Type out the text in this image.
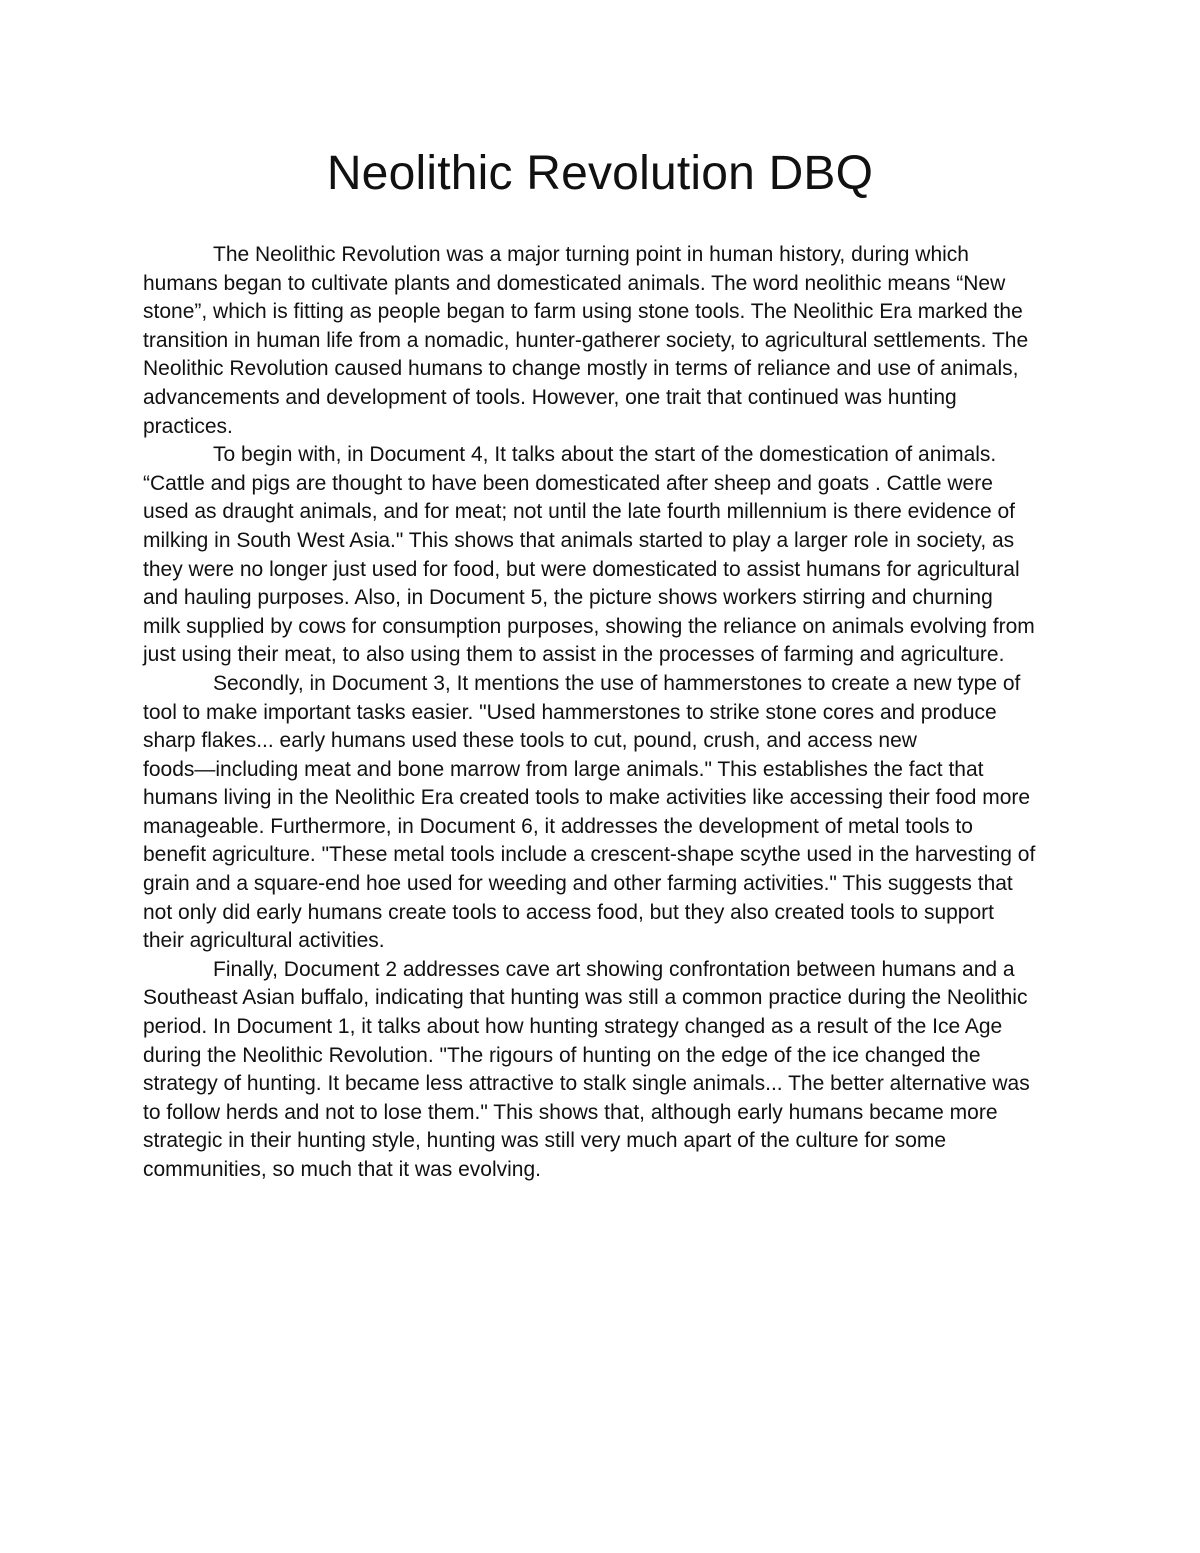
Neolithic Revolution DBQ

The Neolithic Revolution was a major turning point in human history, during which

humans began to cultivate plants and domesticated animals. The word neolithic means “New

stone”, which is fitting as people began to farm using stone tools. The Neolithic Era marked the

transition in human life from a nomadic, hunter-gatherer society, to agricultural settlements. The

Neolithic Revolution caused humans to change mostly in terms of reliance and use of animals,

advancements and development of tools. However, one trait that continued was hunting

practices.

To begin with, in Document 4, It talks about the start of the domestication of animals.

“Cattle and pigs are thought to have been domesticated after sheep and goats . Cattle were

used as draught animals, and for meat; not until the late fourth millennium is there evidence of

milking in South West Asia." This shows that animals started to play a larger role in society, as

they were no longer just used for food, but were domesticated to assist humans for agricultural

and hauling purposes. Also, in Document 5, the picture shows workers stirring and churning

milk supplied by cows for consumption purposes, showing the reliance on animals evolving from

just using their meat, to also using them to assist in the processes of farming and agriculture.

Secondly, in Document 3, It mentions the use of hammerstones to create a new type of

tool to make important tasks easier. "Used hammerstones to strike stone cores and produce

sharp flakes... early humans used these tools to cut, pound, crush, and access new

foods—including meat and bone marrow from large animals." This establishes the fact that

humans living in the Neolithic Era created tools to make activities like accessing their food more

manageable. Furthermore, in Document 6, it addresses the development of metal tools to

benefit agriculture. "These metal tools include a crescent-shape scythe used in the harvesting of

grain and a square-end hoe used for weeding and other farming activities." This suggests that

not only did early humans create tools to access food, but they also created tools to support

their agricultural activities.

Finally, Document 2 addresses cave art showing confrontation between humans and a

Southeast Asian buffalo, indicating that hunting was still a common practice during the Neolithic

period. In Document 1, it talks about how hunting strategy changed as a result of the Ice Age

during the Neolithic Revolution. "The rigours of hunting on the edge of the ice changed the

strategy of hunting. It became less attractive to stalk single animals... The better alternative was

to follow herds and not to lose them." This shows that, although early humans became more

strategic in their hunting style, hunting was still very much apart of the culture for some

communities, so much that it was evolving.
